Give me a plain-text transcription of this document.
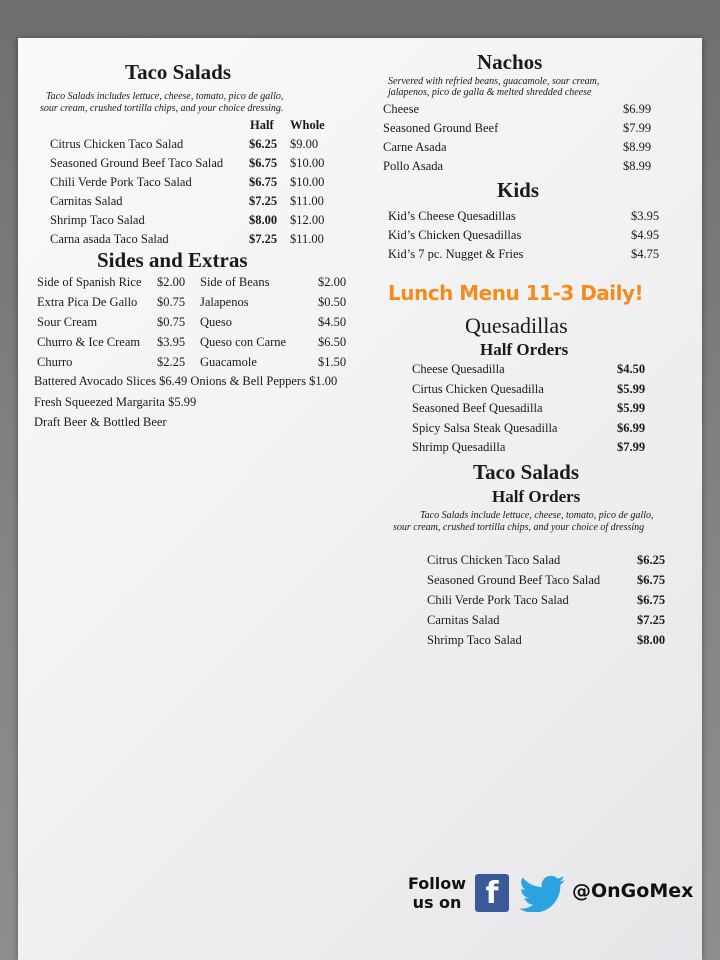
Taco Salads
Taco Salads includes lettuce, cheese, tomato, pico de gallo,
sour cream, crushed tortilla chips, and your choice dressing.
Half Whole
Sides and Extras
Battered Avocado Slices $6.49 Onions & Bell Peppers $1.00
Fresh Squeezed Margarita $5.99
Draft Beer & Bottled Beer
Nachos
Servered with refried beans, guacamole, sour cream,
jalapenos, pico de galla & melted shredded cheese
Kids
Lunch Menu 11-3 Daily!
Quesadillas
Half Orders
Taco Salads
Half Orders
Taco Salads include lettuce, cheese, tomato, pico de gallo,
sour cream, crushed tortilla chips, and your choice of dressing
Follow
us on f	@OnGoMex
Citrus Chicken Taco Salad	$6.25 $9.00
Seasoned Ground Beef Taco Salad $6.75 $10.00
Chili Verde Pork Taco Salad	$6.75 $10.00
Carnitas Salad	$7.25 $11.00
Shrimp Taco Salad	$8.00 $12.00
Carna asada Taco Salad	$7.25 $11.00
Side of Spanish Rice $2.00 Side of Beans	$2.00
Extra Pica De Gallo $0.75 Jalapenos	$0.50
Sour Cream	$0.75 Queso	$4.50
Churro & Ice Cream $3.95 Queso con Carne	$6.50
Churro	$2.25 Guacamole	$1.50
Cheese	$6.99
Seasoned Ground Beef	$7.99
Carne Asada	$8.99
Pollo Asada	$8.99
Kid’s Cheese Quesadillas	$3.95
Kid’s Chicken Quesadillas	$4.95
Kid’s 7 pc. Nugget & Fries	$4.75
Cheese Quesadilla	$4.50
Cirtus Chicken Quesadilla	$5.99
Seasoned Beef Quesadilla	$5.99
Spicy Salsa Steak Quesadilla	$6.99
Shrimp Quesadilla	$7.99
Citrus Chicken Taco Salad	$6.25
Seasoned Ground Beef Taco Salad	$6.75
Chili Verde Pork Taco Salad	$6.75
Carnitas Salad	$7.25
Shrimp Taco Salad	$8.00
